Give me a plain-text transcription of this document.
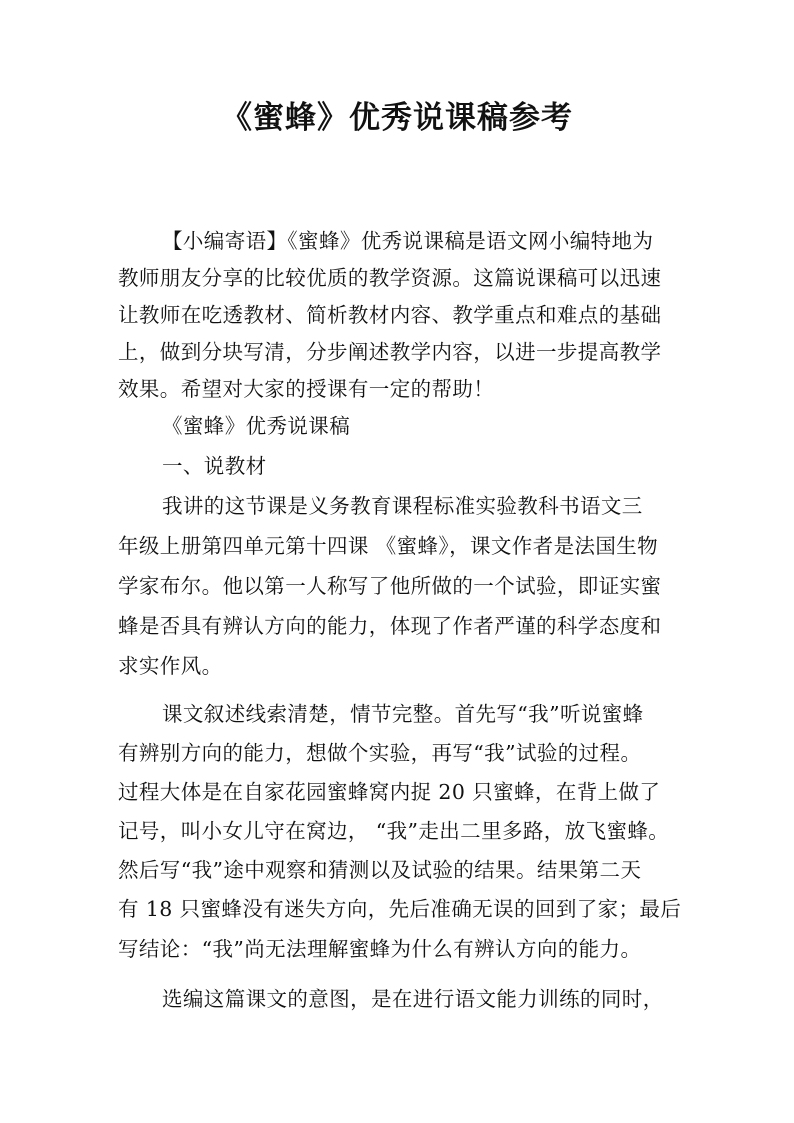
《蜜蜂》优秀说课稿参考
【小编寄语】《蜜蜂》优秀说课稿是语文网小编特地为
教师朋友分享的比较优质的教学资源。这篇说课稿可以迅速
让教师在吃透教材、简析教材内容、教学重点和难点的基础
上，做到分块写清，分步阐述教学内容，以进一步提高教学
效果。希望对大家的授课有一定的帮助！
《蜜蜂》优秀说课稿
一、说教材
我讲的这节课是义务教育课程标准实验教科书语文三
年级上册第四单元第十四课 《蜜蜂》，课文作者是法国生物
学家布尔。他以第一人称写了他所做的一个试验，即证实蜜
蜂是否具有辨认方向的能力，体现了作者严谨的科学态度和
求实作风。
课文叙述线索清楚，情节完整。首先写“我”听说蜜蜂
有辨别方向的能力，想做个实验，再写“我”试验的过程。
过程大体是在自家花园蜜蜂窝内捉 20 只蜜蜂，在背上做了
记号，叫小女儿守在窝边， “我”走出二里多路，放飞蜜蜂。
然后写“我”途中观察和猜测以及试验的结果。结果第二天
有 18 只蜜蜂没有迷失方向，先后准确无误的回到了家；最后
写结论：“我”尚无法理解蜜蜂为什么有辨认方向的能力。
选编这篇课文的意图，是在进行语文能力训练的同时，
